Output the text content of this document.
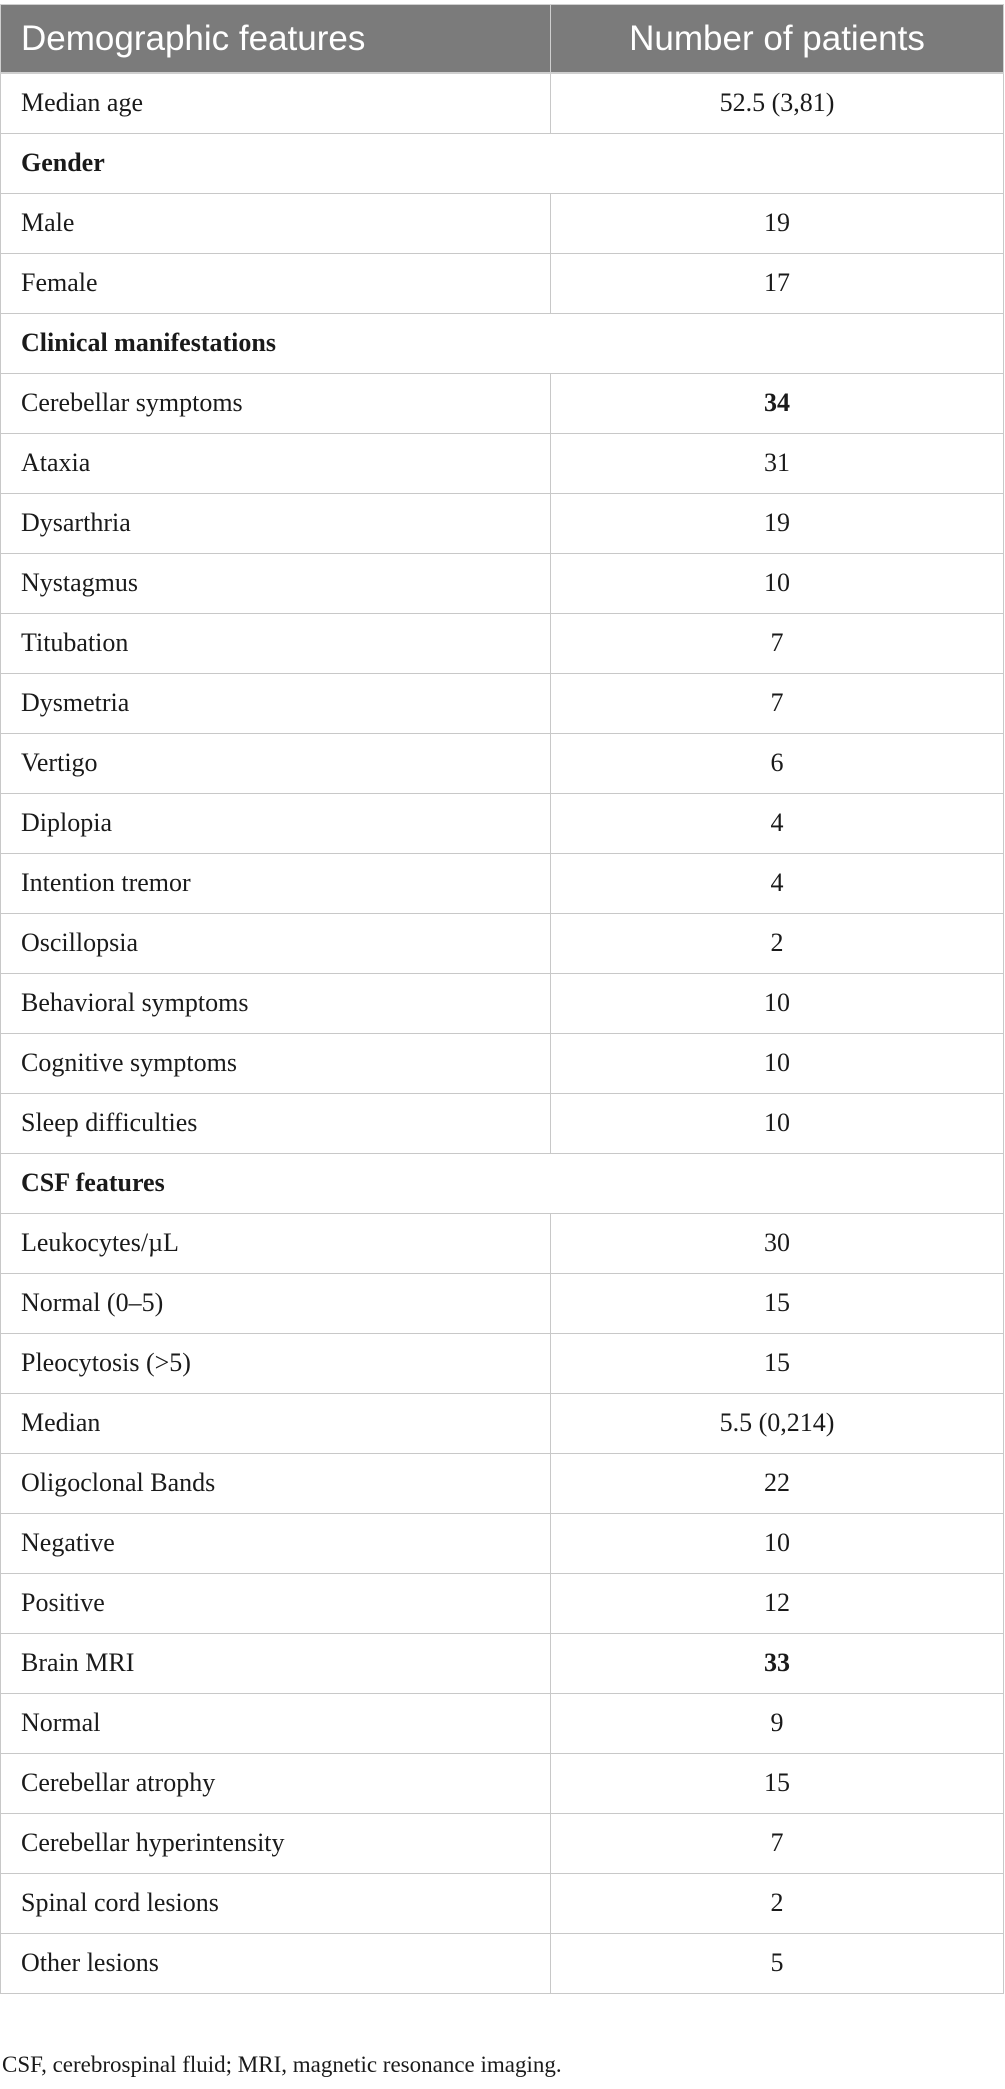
Demographic features	Number of patients
Median age	52.5 (3,81)
Gender	
Male	19
Female	17
Clinical manifestations	
Cerebellar symptoms	34
Ataxia	31
Dysarthria	19
Nystagmus	10
Titubation	7
Dysmetria	7
Vertigo	6
Diplopia	4
Intention tremor	4
Oscillopsia	2
Behavioral symptoms	10
Cognitive symptoms	10
Sleep difficulties	10
CSF features	
Leukocytes/µL	30
Normal (0–5)	15
Pleocytosis (>5)	15
Median	5.5 (0,214)
Oligoclonal Bands	22
Negative	10
Positive	12
Brain MRI	33
Normal	9
Cerebellar atrophy	15
Cerebellar hyperintensity	7
Spinal cord lesions	2
Other lesions	5
CSF, cerebrospinal fluid; MRI, magnetic resonance imaging.
